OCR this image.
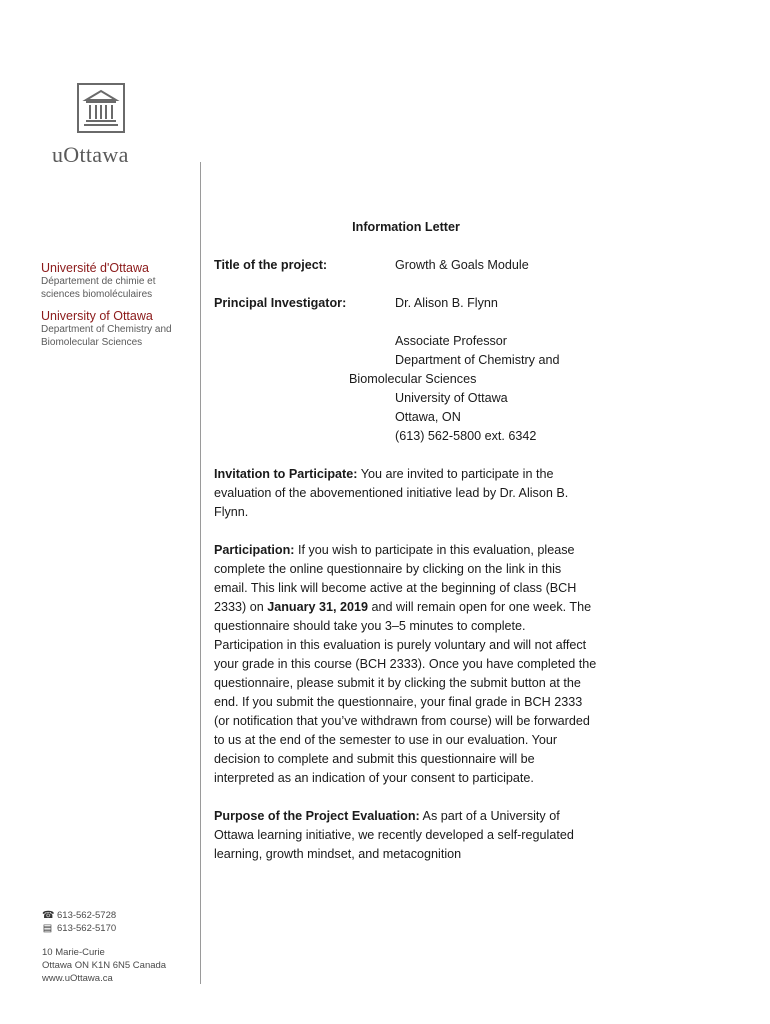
uOttawa
Université d'Ottawa
Département de chimie et sciences biomoléculaires
University of Ottawa
Department of Chemistry and Biomolecular Sciences
Information Letter
Title of the project:	Growth & Goals Module
Principal Investigator:	Dr. Alison B. Flynn
Associate Professor
Department of Chemistry and
Biomolecular Sciences
University of Ottawa
Ottawa, ON
(613) 562-5800 ext. 6342

Invitation to Participate: You are invited to participate in the evaluation of the abovementioned initiative lead by Dr. Alison B. Flynn.

Participation: If you wish to participate in this evaluation, please complete the online questionnaire by clicking on the link in this email. This link will become active at the beginning of class (BCH 2333) on January 31, 2019 and will remain open for one week. The questionnaire should take you 3–5 minutes to complete. Participation in this evaluation is purely voluntary and will not affect your grade in this course (BCH 2333). Once you have completed the questionnaire, please submit it by clicking the submit button at the end. If you submit the questionnaire, your final grade in BCH 2333 (or notification that you’ve withdrawn from course) will be forwarded to us at the end of the semester to use in our evaluation. Your decision to complete and submit this questionnaire will be interpreted as an indication of your consent to participate.

Purpose of the Project Evaluation: As part of a University of Ottawa learning initiative, we recently developed a self-regulated learning, growth mindset, and metacognition

☎ 613-562-5728
▤ 613-562-5170
10 Marie-Curie
Ottawa ON K1N 6N5 Canada
www.uOttawa.ca
